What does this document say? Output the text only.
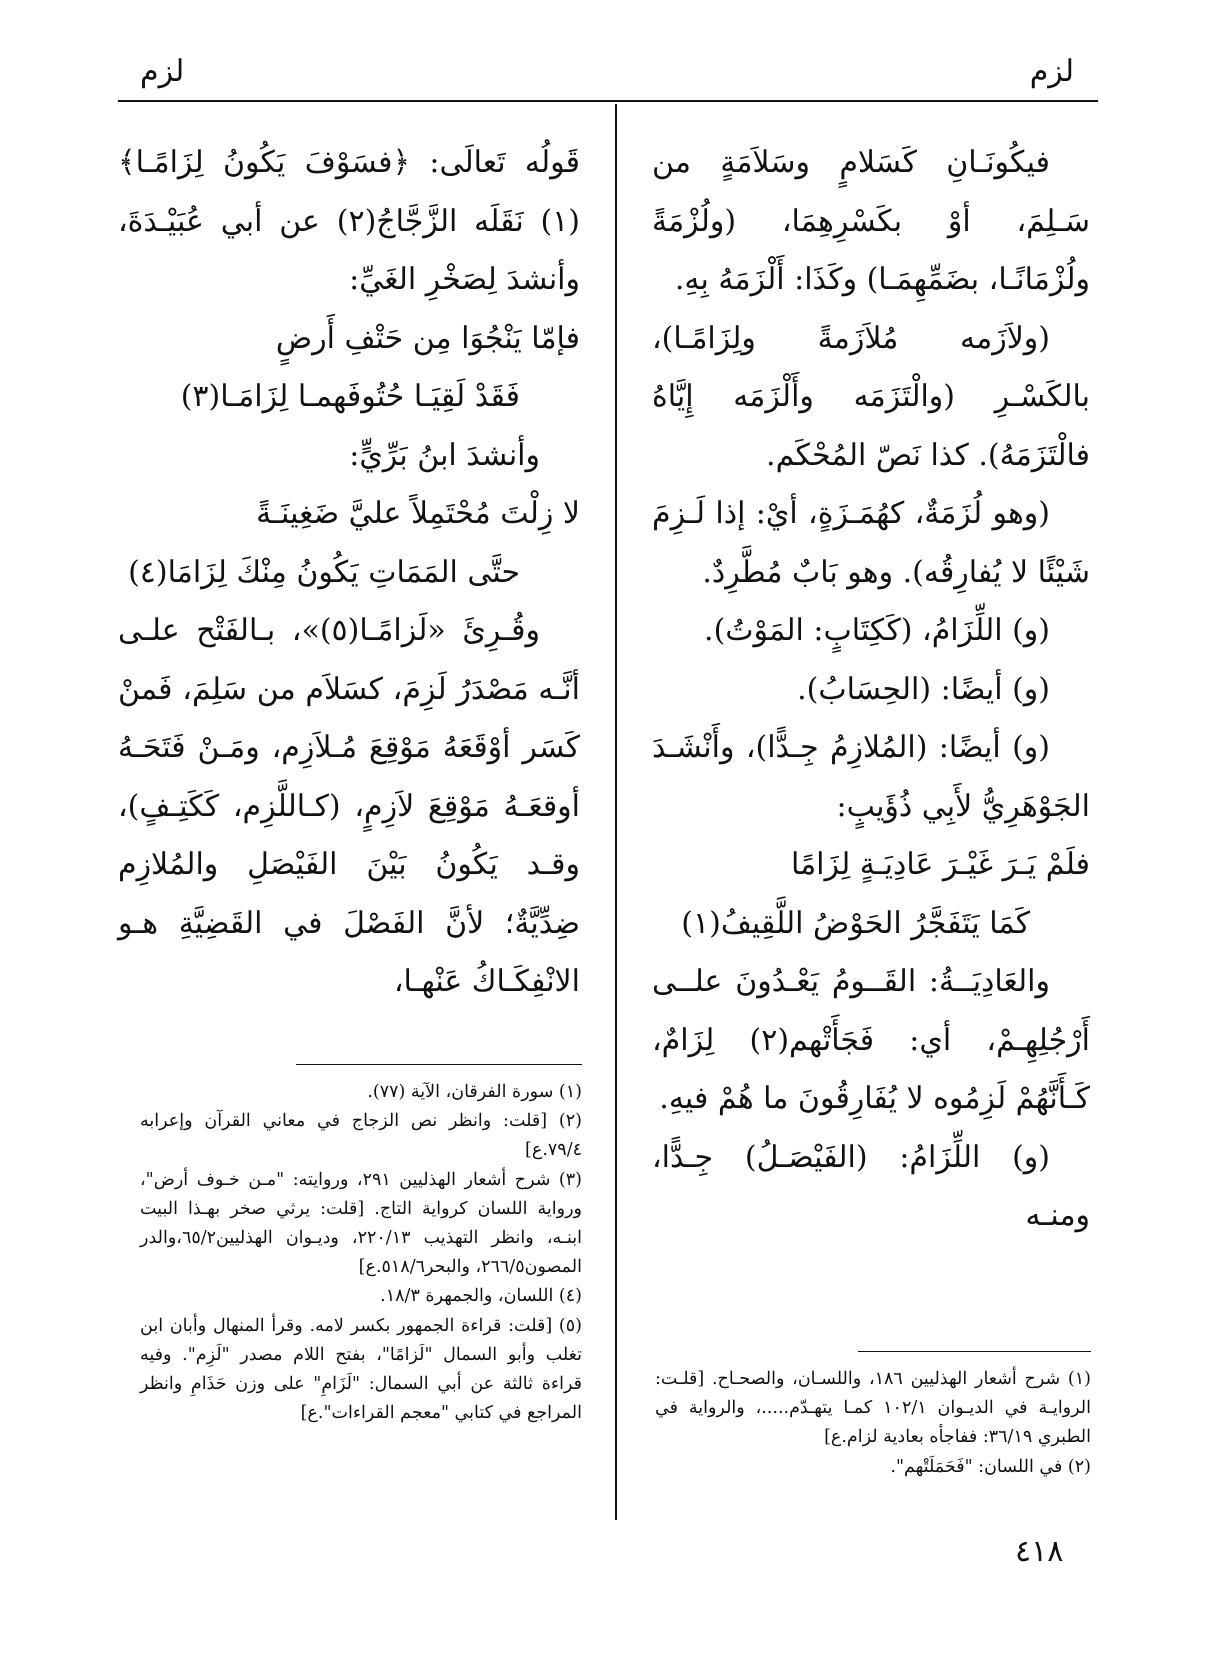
لزم
لزم

فيكُونَـانِ كَسَلامٍ وسَلاَمَةٍ من سَـلِمَ، أوْ بكَسْرِهِمَا، (ولُزْمَةً ولُزْمَانًـا، بضَمِّهِمَـا) وكَذَا: أَلْزَمَهُ بِهِ.

(ولاَزَمه مُلاَزَمةً ولِزَامًـا)، بالكَسْـرِ (والْتَزَمَه وأَلْزَمَه إِيَّاهُ فالْتَزَمَهُ). كذا نَصّ المُحْكَم.

(وهو لُزَمَةٌ، كهُمَـزَةٍ، أيْ: إذا لَـزِمَ شَيْئًا لا يُفارِقُه). وهو بَابٌ مُطَّرِدٌ.

(و) اللِّزَامُ، (كَكِتَابٍ: المَوْتُ).

(و) أيضًا: (الحِسَابُ).

(و) أيضًا: (المُلازِمُ جِـدًّا)، وأَنْشَـدَ الجَوْهَرِيُّ لأَبِي ذُؤَيبٍ:

فلَمْ يَـرَ غَيْـرَ عَادِيَـةٍ لِزَامًا

كَمَا يَتَفَجَّرُ الحَوْضُ اللَّقِيفُ(١)

والعَادِيَــةُ: القَــومُ يَعْـدُونَ علــى أَرْجُلِهِـمْ، أي: فَجَأَتْهم(٢) لِزَامٌ، كَـأَنَّهُمْ لَزِمُوه لا يُفَارِقُونَ ما هُمْ فيهِ.

(و) اللِّزَامُ: (الفَيْصَـلُ) جِـدًّا، ومنـه

قَولُه تَعالَى: ﴿فسَوْفَ يَكُونُ لِزَامًـا﴾(١) نَقَلَه الزَّجَّاجُ(٢) عن أبي عُبَيْـدَةَ، وأنشدَ لِصَخْرِ الغَيِّ:

فإمّا يَنْجُوَا مِن حَتْفِ أَرضٍ

فَقَدْ لَقِيَـا حُتُوفَهمـا لِزَامَـا(٣)

وأنشدَ ابنُ بَرِّيٍّ:

لا زِلْتَ مُحْتَمِلاً عليَّ ضَغِينَـةً

حتَّى المَمَاتِ يَكُونُ مِنْكَ لِزَامَا(٤)

وقُـرِئَ «لَزامًـا(٥)»، بـالفَتْح علـى أنَّـه مَصْدَرُ لَزِمَ، كسَلاَم من سَلِمَ، فَمنْ كَسَر أوْقَعَهُ مَوْقِعَ مُـلاَزِم، ومَـنْ فَتَحَـهُ أوقعَـهُ مَوْقِعَ لاَزِمٍ، (كـاللَّزِم، كَكَتِـفٍ)، وقـد يَكُونُ بَيْنَ الفَيْصَلِ والمُلازِم ضِدِّيَّةٌ؛ لأنَّ الفَصْلَ في القَضِيَّةِ هـو الانْفِكَـاكُ عَنْهـا،

(١) شرح أشعار الهذليين ١٨٦، واللسـان، والصحـاح. [قلـت: الروايـة في الديـوان ١٠٢/١ كمـا يتهـدّم.....، والرواية في الطبري ٣٦/١٩: ففاجأه بعادية لزام.ع]

(٢) في اللسان: "فَحَمَلَتْهم".

(١) سورة الفرقان، الآية (٧٧).

(٢) [قلت: وانظر نص الزجاج في معاني القرآن وإعرابه ٧٩/٤.ع]

(٣) شرح أشعار الهذليين ٢٩١، وروايته: "مـن خـوف أرض"، ورواية اللسان كرواية التاج. [قلت: يرثي صخر بهـذا البيت ابنـه، وانظر التهذيب ٢٢٠/١٣، وديـوان الهذليين٦٥/٢،والدر المصون٢٦٦/٥، والبحر٥١٨/٦.ع]

(٤) اللسان، والجمهرة ١٨/٣.

(٥) [قلت: قراءة الجمهور بكسر لامه. وقرأ المنهال وأبان ابن تغلب وأبو السمال "لَزامًا"، بفتح اللام مصدر "لَزِم". وفيه قراءة ثالثة عن أبي السمال: "لَزَامِ" على وزن حَذَامِ وانظر المراجع في كتابي "معجم القراءات".ع]

٤١٨
